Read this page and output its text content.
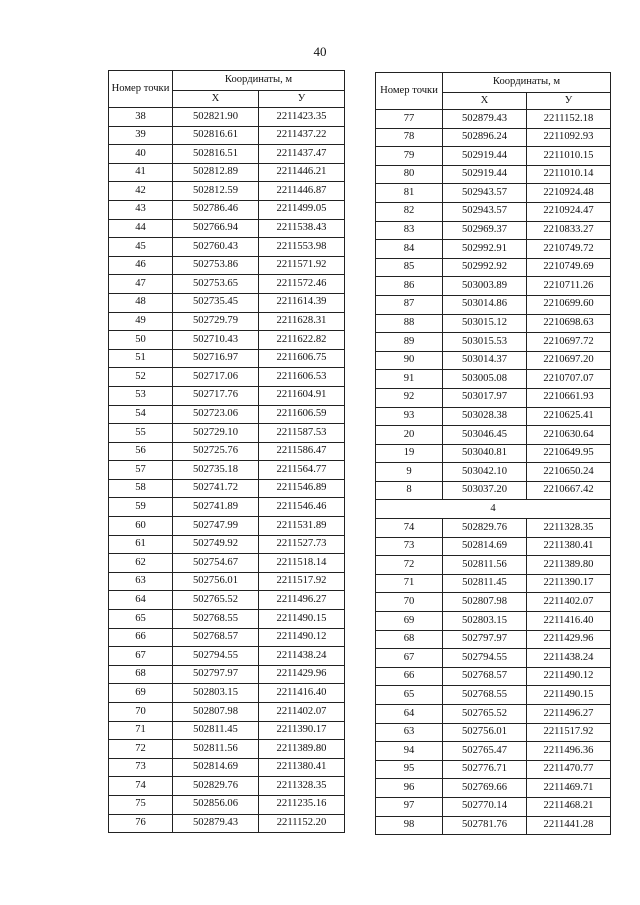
40
Номер точки	Координаты, м	
	X	У
38	502821.90	2211423.35
39	502816.61	2211437.22
40	502816.51	2211437.47
41	502812.89	2211446.21
42	502812.59	2211446.87
43	502786.46	2211499.05
44	502766.94	2211538.43
45	502760.43	2211553.98
46	502753.86	2211571.92
47	502753.65	2211572.46
48	502735.45	2211614.39
49	502729.79	2211628.31
50	502710.43	2211622.82
51	502716.97	2211606.75
52	502717.06	2211606.53
53	502717.76	2211604.91
54	502723.06	2211606.59
55	502729.10	2211587.53
56	502725.76	2211586.47
57	502735.18	2211564.77
58	502741.72	2211546.89
59	502741.89	2211546.46
60	502747.99	2211531.89
61	502749.92	2211527.73
62	502754.67	2211518.14
63	502756.01	2211517.92
64	502765.52	2211496.27
65	502768.55	2211490.15
66	502768.57	2211490.12
67	502794.55	2211438.24
68	502797.97	2211429.96
69	502803.15	2211416.40
70	502807.98	2211402.07
71	502811.45	2211390.17
72	502811.56	2211389.80
73	502814.69	2211380.41
74	502829.76	2211328.35
75	502856.06	2211235.16
76	502879.43	2211152.20
Номер точки	Координаты, м	
	X	У
77	502879.43	2211152.18
78	502896.24	2211092.93
79	502919.44	2211010.15
80	502919.44	2211010.14
81	502943.57	2210924.48
82	502943.57	2210924.47
83	502969.37	2210833.27
84	502992.91	2210749.72
85	502992.92	2210749.69
86	503003.89	2210711.26
87	503014.86	2210699.60
88	503015.12	2210698.63
89	503015.53	2210697.72
90	503014.37	2210697.20
91	503005.08	2210707.07
92	503017.97	2210661.93
93	503028.38	2210625.41
20	503046.45	2210630.64
19	503040.81	2210649.95
9	503042.10	2210650.24
8	503037.20	2210667.42
4		
74	502829.76	2211328.35
73	502814.69	2211380.41
72	502811.56	2211389.80
71	502811.45	2211390.17
70	502807.98	2211402.07
69	502803.15	2211416.40
68	502797.97	2211429.96
67	502794.55	2211438.24
66	502768.57	2211490.12
65	502768.55	2211490.15
64	502765.52	2211496.27
63	502756.01	2211517.92
94	502765.47	2211496.36
95	502776.71	2211470.77
96	502769.66	2211469.71
97	502770.14	2211468.21
98	502781.76	2211441.28
